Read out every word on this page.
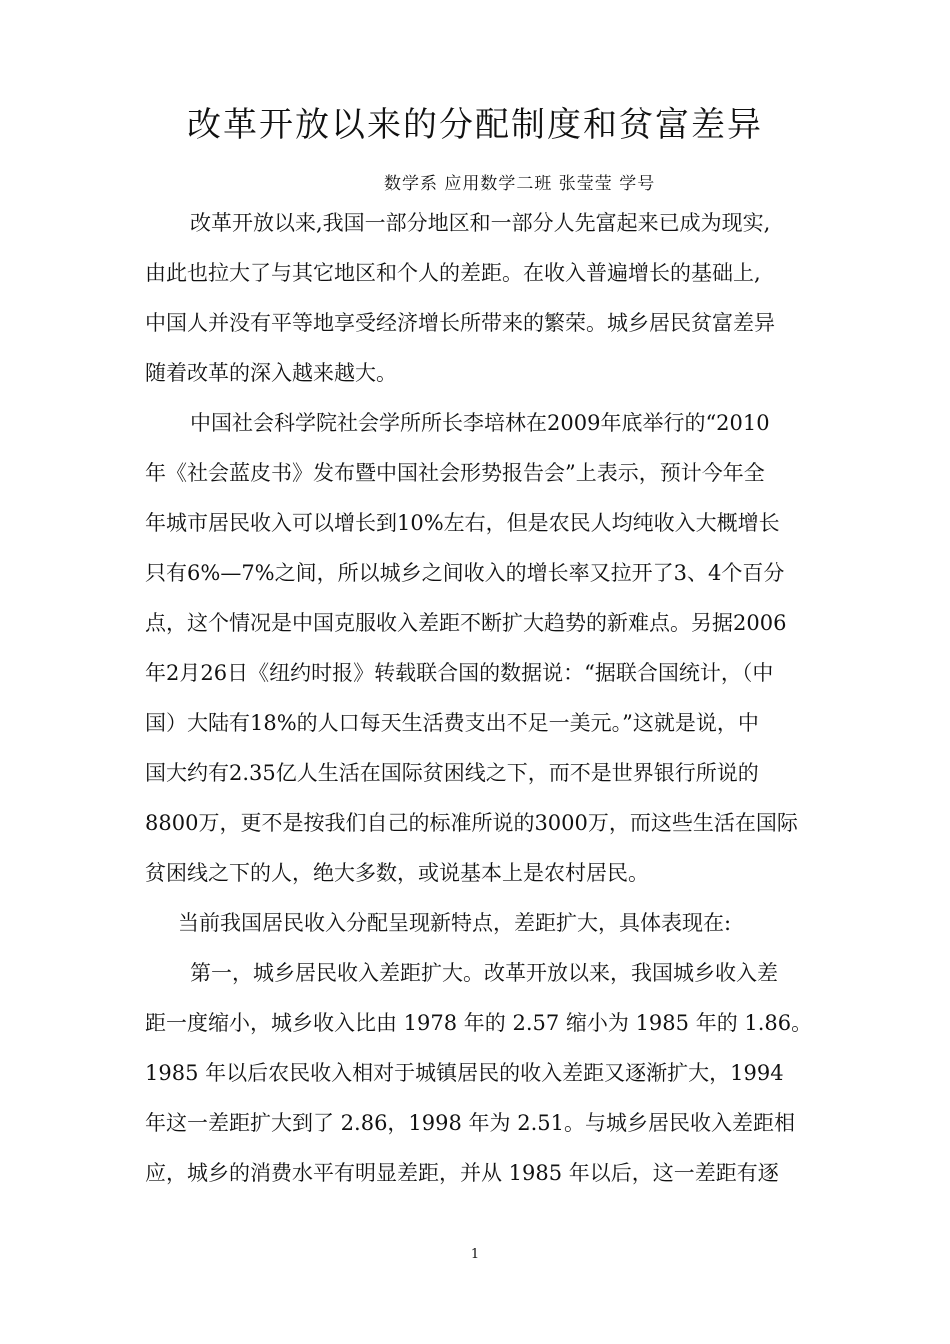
改革开放以来的分配制度和贫富差异
数学系 应用数学二班 张莹莹 学号
改革开放以来,我国一部分地区和一部分人先富起来已成为现实,
由此也拉大了与其它地区和个人的差距。在收入普遍增长的基础上,
中国人并没有平等地享受经济增长所带来的繁荣。城乡居民贫富差异
随着改革的深入越来越大。
中国社会科学院社会学所所长李培林在2009年底举行的“2010
年《社会蓝皮书》发布暨中国社会形势报告会”上表示，预计今年全
年城市居民收入可以增长到10%左右，但是农民人均纯收入大概增长
只有6%—7%之间，所以城乡之间收入的增长率又拉开了3、4个百分
点，这个情况是中国克服收入差距不断扩大趋势的新难点。另据2006
年2月26日《纽约时报》转载联合国的数据说：“据联合国统计，（中
国）大陆有18%的人口每天生活费支出不足一美元。”这就是说，中
国大约有2.35亿人生活在国际贫困线之下，而不是世界银行所说的
8800万，更不是按我们自己的标准所说的3000万，而这些生活在国际
贫困线之下的人，绝大多数，或说基本上是农村居民。
当前我国居民收入分配呈现新特点，差距扩大，具体表现在:
第一，城乡居民收入差距扩大。改革开放以来，我国城乡收入差
距一度缩小，城乡收入比由 1978 年的 2.57 缩小为 1985 年的 1.86。
1985 年以后农民收入相对于城镇居民的收入差距又逐渐扩大，1994
年这一差距扩大到了 2.86，1998 年为 2.51。与城乡居民收入差距相
应，城乡的消费水平有明显差距，并从 1985 年以后，这一差距有逐
1
